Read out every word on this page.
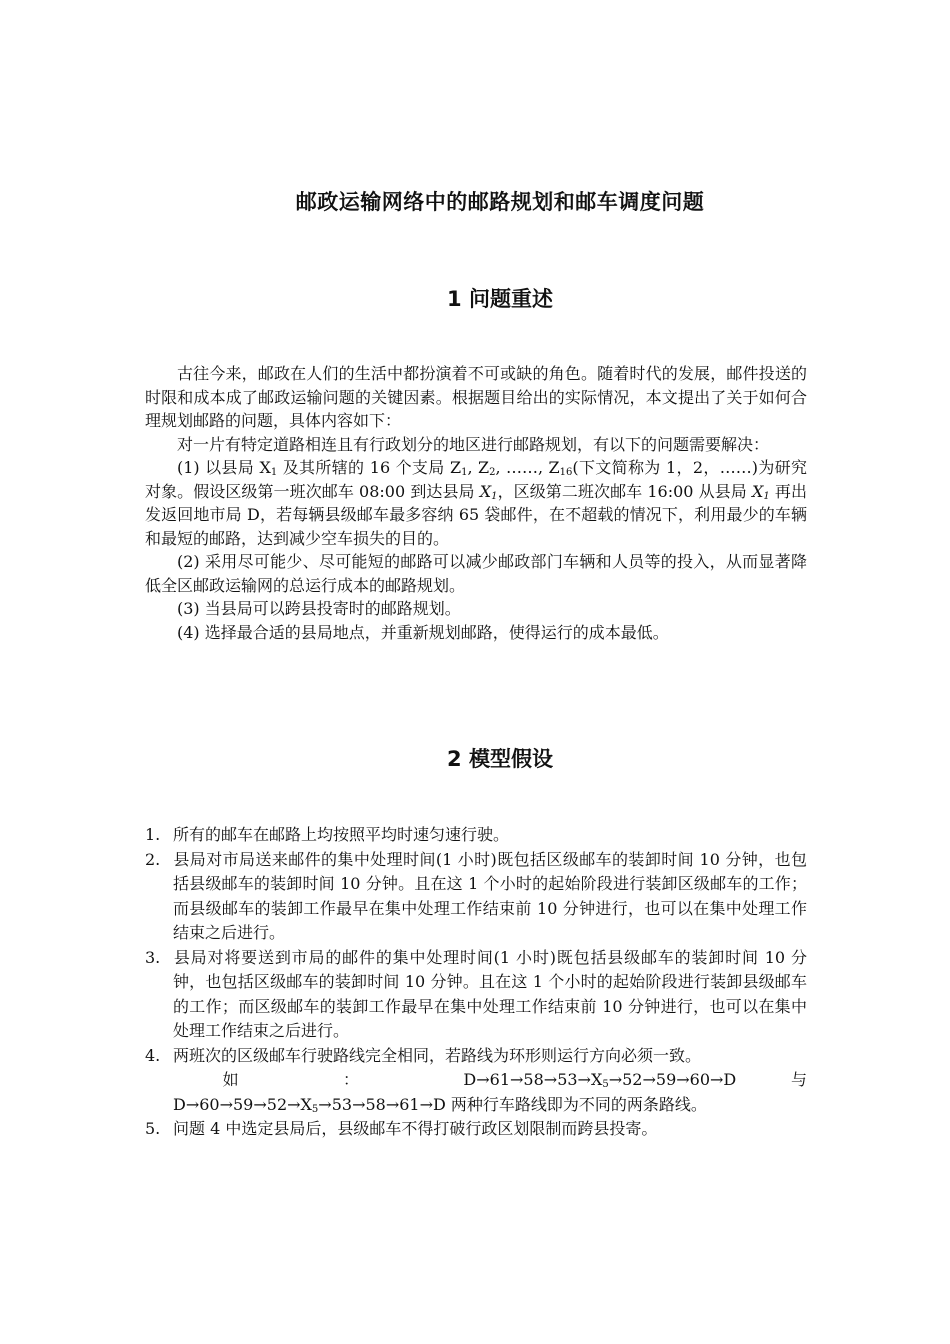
邮政运输网络中的邮路规划和邮车调度问题
1 问题重述

古往今来，邮政在人们的生活中都扮演着不可或缺的角色。随着时代的发展，邮件投送的时限和成本成了邮政运输问题的关键因素。根据题目给出的实际情况，本文提出了关于如何合理规划邮路的问题，具体内容如下：

对一片有特定道路相连且有行政划分的地区进行邮路规划，有以下的问题需要解决：

(1) 以县局 $X_1$ 及其所辖的 16 个支局 $Z_1$, $Z_2$, ……, $Z_{16}$(下文简称为 1，2，……)为研究对象。假设区级第一班次邮车 08:00 到达县局 $X_1$，区级第二班次邮车 16:00 从县局 $X_1$ 再出发返回地市局 D，若每辆县级邮车最多容纳 65 袋邮件，在不超载的情况下，利用最少的车辆和最短的邮路，达到减少空车损失的目的。

(2) 采用尽可能少、尽可能短的邮路可以减少邮政部门车辆和人员等的投入，从而显著降低全区邮政运输网的总运行成本的邮路规划。

(3) 当县局可以跨县投寄时的邮路规划。

(4) 选择最合适的县局地点，并重新规划邮路，使得运行的成本最低。

2 模型假设

1. 所有的邮车在邮路上均按照平均时速匀速行驶。

2. 县局对市局送来邮件的集中处理时间(1 小时)既包括区级邮车的装卸时间 10 分钟，也包括县级邮车的装卸时间 10 分钟。且在这 1 个小时的起始阶段进行装卸区级邮车的工作；而县级邮车的装卸工作最早在集中处理工作结束前 10 分钟进行，也可以在集中处理工作结束之后进行。

3. 县局对将要送到市局的邮件的集中处理时间(1 小时)既包括县级邮车的装卸时间 10 分钟，也包括区级邮车的装卸时间 10 分钟。且在这 1 个小时的起始阶段进行装卸县级邮车的工作；而区级邮车的装卸工作最早在集中处理工作结束前 10 分钟进行，也可以在集中处理工作结束之后进行。

4. 两班次的区级邮车行驶路线完全相同，若路线为环形则运行方向必须一致。

如	：	$D\to 61\to 58\to 53\to X_5\to 52\to 59\to 60\to D$	与

$D\to 60\to 59\to 52\to X_5\to 53\to 58\to 61\to D$ 两种行车路线即为不同的两条路线。

5. 问题 4 中选定县局后，县级邮车不得打破行政区划限制而跨县投寄。
